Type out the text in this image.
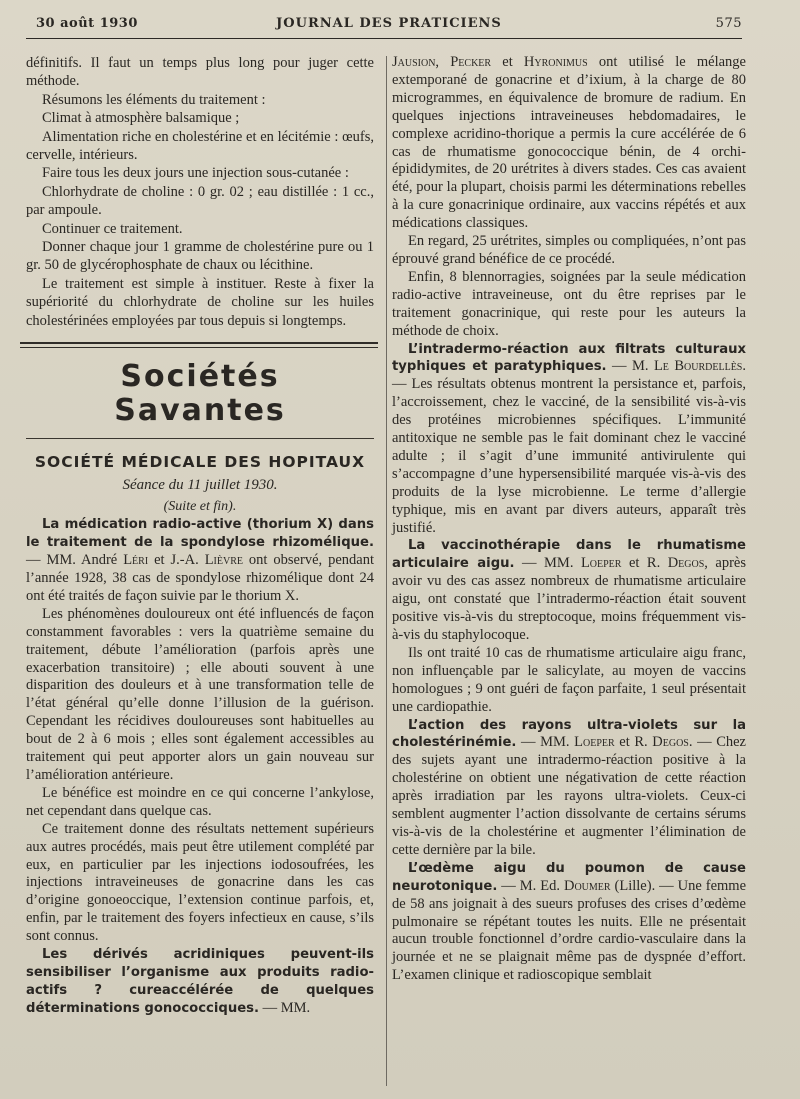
30 août 1930	JOURNAL DES PRATICIENS	575

définitifs. Il faut un temps plus long pour juger cette méthode.

Résumons les éléments du traitement :

Climat à atmosphère balsamique ;

Alimentation riche en cholestérine et en lécitémie : œufs, cervelle, intérieurs.

Faire tous les deux jours une injection sous-cutanée :

Chlorhydrate de choline : 0 gr. 02 ; eau distillée : 1 cc., par ampoule.

Continuer ce traitement.

Donner chaque jour 1 gramme de cholestérine pure ou 1 gr. 50 de glycérophosphate de chaux ou lécithine.

Le traitement est simple à instituer. Reste à fixer la supériorité du chlorhydrate de choline sur les huiles cholestérinées employées par tous depuis si longtemps.

Sociétés Savantes
SOCIÉTÉ MÉDICALE DES HOPITAUX
Séance du 11 juillet 1930.
(Suite et fin).

La médication radio-active (thorium X) dans le traitement de la spondylose rhizomélique. — MM. André Léri et J.-A. Lièvre ont observé, pendant l’année 1928, 38 cas de spondylose rhizomélique dont 24 ont été traités de façon suivie par le thorium X.

Les phénomènes douloureux ont été influencés de façon constamment favorables : vers la quatrième semaine du traitement, débute l’amélioration (parfois après une exacerbation transitoire) ; elle abouti souvent à une disparition des douleurs et à une transformation telle de l’état général qu’elle donne l’illusion de la guérison. Cependant les récidives douloureuses sont habituelles au bout de 2 à 6 mois ; elles sont également accessibles au traitement qui peut apporter alors un gain nouveau sur l’amélioration antérieure.

Le bénéfice est moindre en ce qui concerne l’ankylose, net cependant dans quelque cas.

Ce traitement donne des résultats nettement supérieurs aux autres procédés, mais peut être utilement complété par eux, en particulier par les injections iodosoufrées, les injections intraveineuses de gonacrine dans les cas d’origine gonoeoccique, l’extension continue parfois, et, enfin, par le traitement des foyers infectieux en cause, s’ils sont connus.

Les dérivés acridiniques peuvent-ils sensibiliser l’organisme aux produits radio-actifs ? cureaccélérée de quelques déterminations gonococciques. — MM.

Jausion, Pecker et Hyronimus ont utilisé le mélange extemporané de gonacrine et d’ixium, à la charge de 80 microgrammes, en équivalence de bromure de radium. En quelques injections intraveineuses hebdomadaires, le complexe acridino-thorique a permis la cure accélérée de 6 cas de rhumatisme gonococcique bénin, de 4 orchi-épididymites, de 20 urétrites à divers stades. Ces cas avaient été, pour la plupart, choisis parmi les déterminations rebelles à la cure gonacrinique ordinaire, aux vaccins répétés et aux médications classiques.

En regard, 25 urétrites, simples ou compliquées, n’ont pas éprouvé grand bénéfice de ce procédé.

Enfin, 8 blennorragies, soignées par la seule médication radio-active intraveineuse, ont du être reprises par le traitement gonacrinique, qui reste pour les auteurs la méthode de choix.

L’intradermo-réaction aux filtrats culturaux typhiques et paratyphiques. — M. Le Bourdellès. — Les résultats obtenus montrent la persistance et, parfois, l’accroissement, chez le vacciné, de la sensibilité vis-à-vis des protéines microbiennes spécifiques. L’immunité antitoxique ne semble pas le fait dominant chez le vacciné adulte ; il s’agit d’une immunité antivirulente qui s’accompagne d’une hypersensibilité marquée vis-à-vis des produits de la lyse microbienne. Le terme d’allergie typhique, mis en avant par divers auteurs, apparaît très justifié.

La vaccinothérapie dans le rhumatisme articulaire aigu. — MM. Loeper et R. Degos, après avoir vu des cas assez nombreux de rhumatisme articulaire aigu, ont constaté que l’intradermo-réaction était souvent positive vis-à-vis du streptocoque, moins fréquemment vis-à-vis du staphylocoque.

Ils ont traité 10 cas de rhumatisme articulaire aigu franc, non influençable par le salicylate, au moyen de vaccins homologues ; 9 ont guéri de façon parfaite, 1 seul présentait une cardiopathie.

L’action des rayons ultra-violets sur la cholestérinémie. — MM. Loeper et R. Degos. — Chez des sujets ayant une intradermo-réaction positive à la cholestérine on obtient une négativation de cette réaction après irradiation par les rayons ultra-violets. Ceux-ci semblent augmenter l’action dissolvante de certains sérums vis-à-vis de la cholestérine et augmenter l’élimination de cette dernière par la bile.

L’œdème aigu du poumon de cause neurotonique. — M. Ed. Doumer (Lille). — Une femme de 58 ans joignait à des sueurs profuses des crises d’œdème pulmonaire se répétant toutes les nuits. Elle ne présentait aucun trouble fonctionnel d’ordre cardio-vasculaire dans la journée et ne se plaignait même pas de dyspnée d’effort. L’examen clinique et radioscopique semblait
